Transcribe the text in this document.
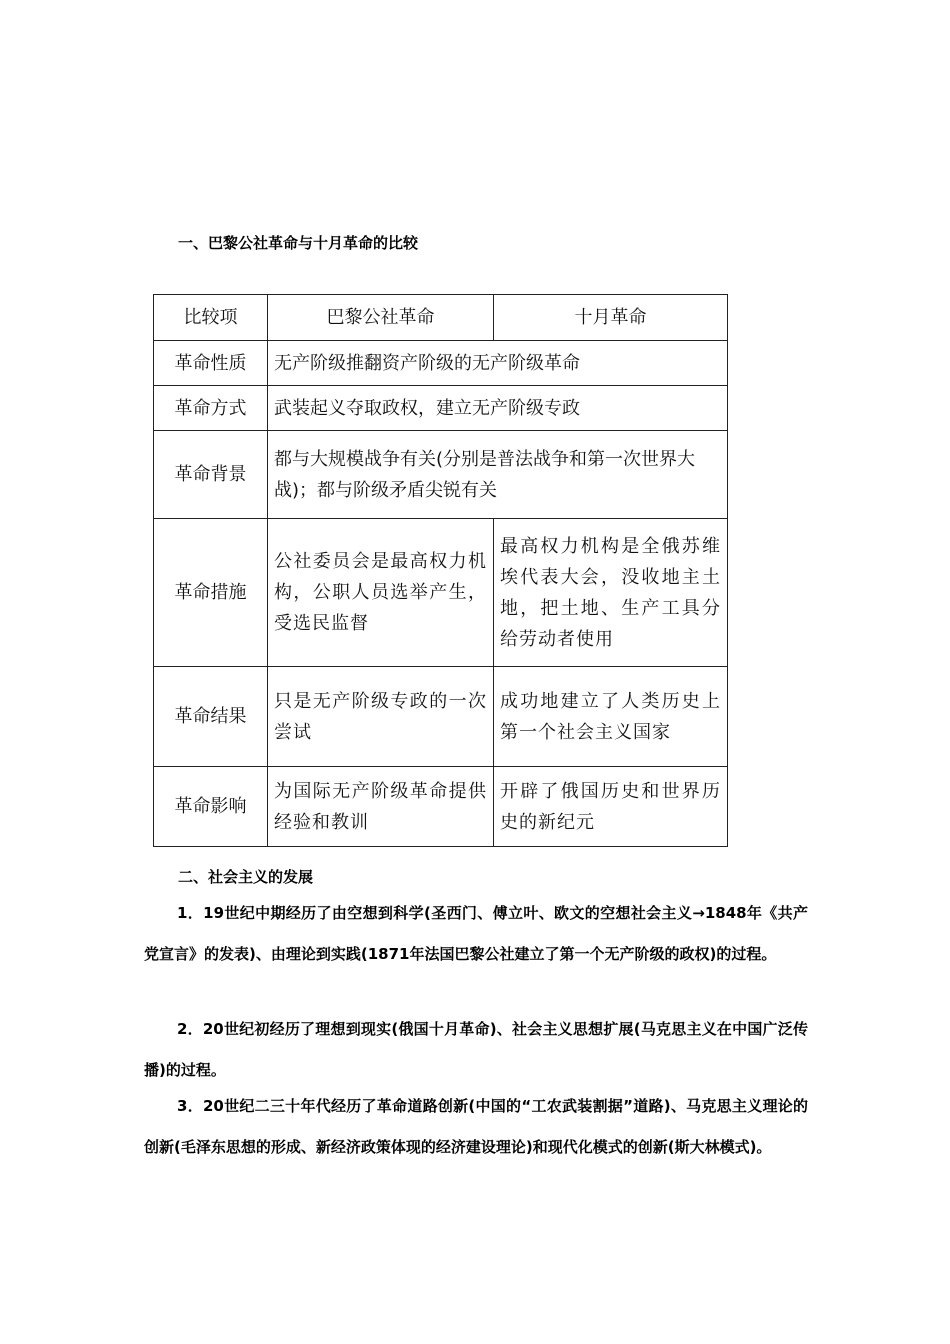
一、巴黎公社革命与十月革命的比较
比较项	巴黎公社革命	十月革命
革命性质	无产阶级推翻资产阶级的无产阶级革命	
革命方式	武装起义夺取政权，建立无产阶级专政	
革命背景	都与大规模战争有关(分别是普法战争和第一次世界大战)；都与阶级矛盾尖锐有关	
革命措施	公社委员会是最高权力机构，公职人员选举产生，受选民监督	最高权力机构是全俄苏维埃代表大会，没收地主土地，把土地、生产工具分给劳动者使用
革命结果	只是无产阶级专政的一次尝试	成功地建立了人类历史上第一个社会主义国家
革命影响	为国际无产阶级革命提供经验和教训	开辟了俄国历史和世界历史的新纪元
二、社会主义的发展
1．19世纪中期经历了由空想到科学(圣西门、傅立叶、欧文的空想社会主义→1848年《共产党宣言》的发表)、由理论到实践(1871年法国巴黎公社建立了第一个无产阶级的政权)的过程。
2．20世纪初经历了理想到现实(俄国十月革命)、社会主义思想扩展(马克思主义在中国广泛传播)的过程。
3．20世纪二三十年代经历了革命道路创新(中国的“工农武装割据”道路)、马克思主义理论的创新(毛泽东思想的形成、新经济政策体现的经济建设理论)和现代化模式的创新(斯大林模式)。
